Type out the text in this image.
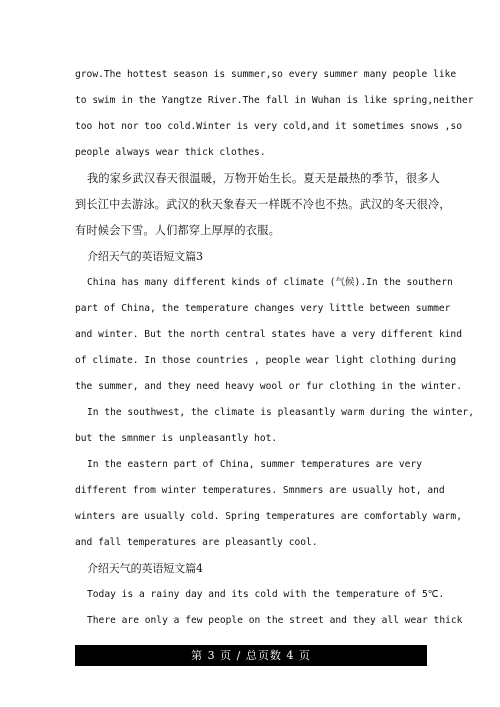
grow.The hottest season is summer,so every summer many people like
to swim in the Yangtze River.The fall in Wuhan is like spring,neither
too hot nor too cold.Winter is very cold,and it sometimes snows ,so
people always wear thick clothes.
我的家乡武汉春天很温暖，万物开始生长。夏天是最热的季节，很多人
到长江中去游泳。武汉的秋天象春天一样既不冷也不热。武汉的冬天很冷，
有时候会下雪。人们都穿上厚厚的衣服。
介绍天气的英语短文篇3
China has many different kinds of climate (气候).In the southern
part of China, the temperature changes very little between summer
and winter. But the north central states have a very different kind
of climate. In those countries , people wear light clothing during
the summer, and they need heavy wool or fur clothing in the winter.
In the southwest, the climate is pleasantly warm during the winter,
but the smnmer is unpleasantly hot.
In the eastern part of China, summer temperatures are very
different from winter temperatures. Smnmers are usually hot, and
winters are usually cold. Spring temperatures are comfortably warm,
and fall temperatures are pleasantly cool.
介绍天气的英语短文篇4
Today is a rainy day and its cold with the temperature of 5℃.
There are only a few people on the street and they all wear thick
第 3 页 / 总页数 4 页
